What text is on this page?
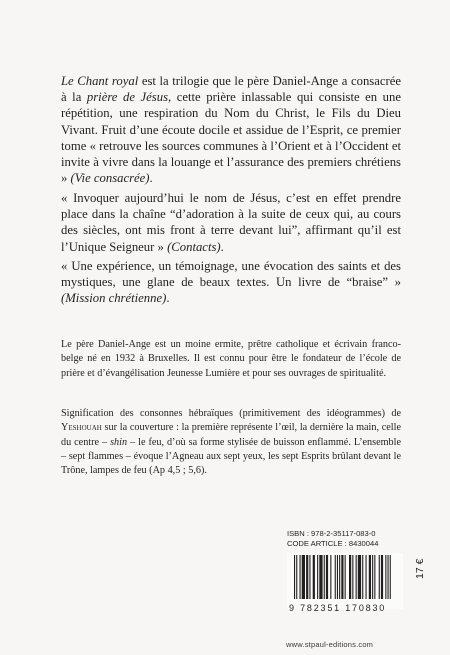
Le Chant royal est la trilogie que le père Daniel-Ange a consacrée à la prière de Jésus, cette prière inlassable qui consiste en une répétition, une respiration du Nom du Christ, le Fils du Dieu Vivant. Fruit d’une écoute docile et assidue de l’Esprit, ce premier tome « retrouve les sources communes à l’Orient et à l’Occident et invite à vivre dans la louange et l’assurance des premiers chrétiens » (Vie consacrée).

« Invoquer aujourd’hui le nom de Jésus, c’est en effet prendre place dans la chaîne “d’adoration à la suite de ceux qui, au cours des siècles, ont mis front à terre devant lui”, affirmant qu’il est l’Unique Seigneur » (Contacts).

« Une expérience, un témoignage, une évocation des saints et des mystiques, une glane de beaux textes. Un livre de “braise” » (Mission chrétienne).

Le père Daniel-Ange est un moine ermite, prêtre catholique et écrivain franco-belge né en 1932 à Bruxelles. Il est connu pour être le fondateur de l’école de prière et d’évangélisation Jeunesse Lumière et pour ses ouvrages de spiritualité.

Signification des consonnes hébraïques (primitivement des idéogrammes) de Yeshouah sur la couverture : la première représente l’œil, la dernière la main, celle du centre – shin – le feu, d’où sa forme stylisée de buisson enflammé. L’ensemble – sept flammes – évoque l’Agneau aux sept yeux, les sept Esprits brûlant devant le Trône, lampes de feu (Ap 4,5 ; 5,6).

ISBN : 978-2-35117-083-0
CODE ARTICLE : 8430044
9 782351 170830
17 €
www.stpaul-editions.com
